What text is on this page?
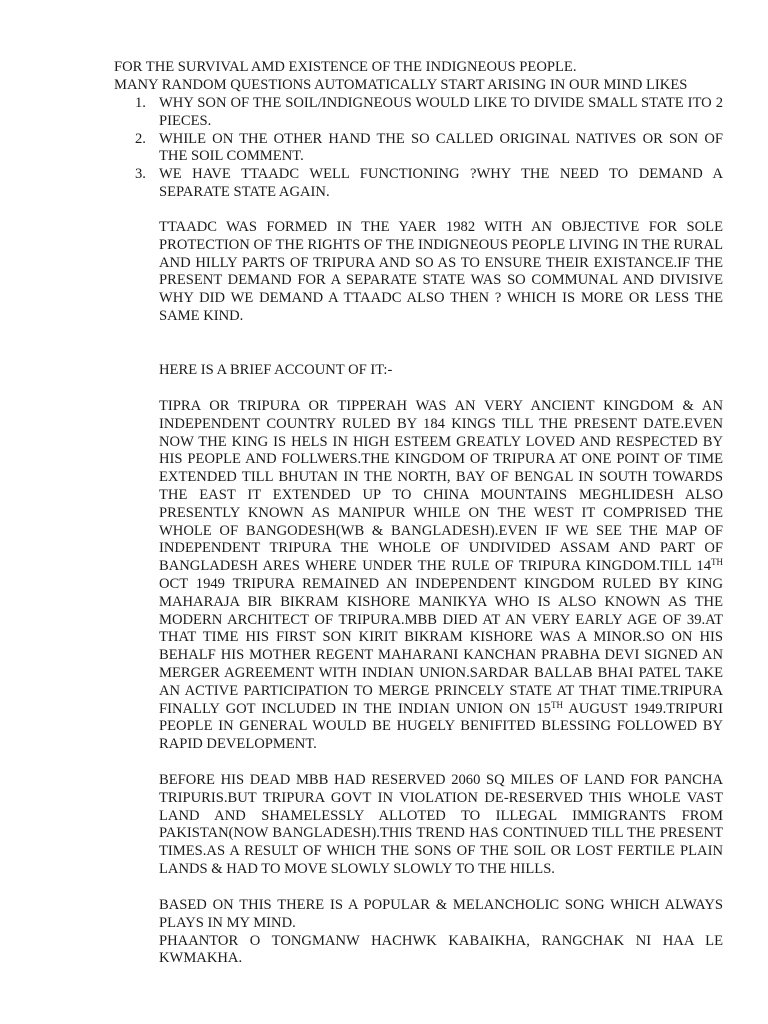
FOR THE SURVIVAL AMD EXISTENCE OF THE INDIGNEOUS PEOPLE.

MANY RANDOM QUESTIONS AUTOMATICALLY START ARISING IN OUR MIND LIKES

1. WHY SON OF THE SOIL/INDIGNEOUS WOULD LIKE TO DIVIDE SMALL STATE ITO 2 PIECES.
2. WHILE ON THE OTHER HAND THE SO CALLED ORIGINAL NATIVES OR SON OF THE SOIL COMMENT.
3. WE HAVE TTAADC WELL FUNCTIONING ?WHY THE NEED TO DEMAND A SEPARATE STATE AGAIN.

TTAADC WAS FORMED IN THE YAER 1982 WITH AN OBJECTIVE FOR SOLE PROTECTION OF THE RIGHTS OF THE INDIGNEOUS PEOPLE LIVING IN THE RURAL AND HILLY PARTS OF TRIPURA AND SO AS TO ENSURE THEIR EXISTANCE.IF THE PRESENT DEMAND FOR A SEPARATE STATE WAS SO COMMUNAL AND DIVISIVE WHY DID WE DEMAND A TTAADC ALSO THEN ? WHICH IS MORE OR LESS THE SAME KIND.

HERE IS A BRIEF ACCOUNT OF IT:-

TIPRA OR TRIPURA OR TIPPERAH WAS AN VERY ANCIENT KINGDOM & AN INDEPENDENT COUNTRY RULED BY 184 KINGS TILL THE PRESENT DATE.EVEN NOW THE KING IS HELS IN HIGH ESTEEM GREATLY LOVED AND RESPECTED BY HIS PEOPLE AND FOLLWERS.THE KINGDOM OF TRIPURA AT ONE POINT OF TIME EXTENDED TILL BHUTAN IN THE NORTH, BAY OF BENGAL IN SOUTH TOWARDS THE EAST IT EXTENDED UP TO CHINA MOUNTAINS MEGHLIDESH ALSO PRESENTLY KNOWN AS MANIPUR WHILE ON THE WEST IT COMPRISED THE WHOLE OF BANGODESH(WB & BANGLADESH).EVEN IF WE SEE THE MAP OF INDEPENDENT TRIPURA THE WHOLE OF UNDIVIDED ASSAM AND PART OF BANGLADESH ARES WHERE UNDER THE RULE OF TRIPURA KINGDOM.TILL 14TH OCT 1949 TRIPURA REMAINED AN INDEPENDENT KINGDOM RULED BY KING MAHARAJA BIR BIKRAM KISHORE MANIKYA WHO IS ALSO KNOWN AS THE MODERN ARCHITECT OF TRIPURA.MBB DIED AT AN VERY EARLY AGE OF 39.AT THAT TIME HIS FIRST SON KIRIT BIKRAM KISHORE WAS A MINOR.SO ON HIS BEHALF HIS MOTHER REGENT MAHARANI KANCHAN PRABHA DEVI SIGNED AN MERGER AGREEMENT WITH INDIAN UNION.SARDAR BALLAB BHAI PATEL TAKE AN ACTIVE PARTICIPATION TO MERGE PRINCELY STATE AT THAT TIME.TRIPURA FINALLY GOT INCLUDED IN THE INDIAN UNION ON 15TH AUGUST 1949.TRIPURI PEOPLE IN GENERAL WOULD BE HUGELY BENIFITED BLESSING FOLLOWED BY RAPID DEVELOPMENT.

BEFORE HIS DEAD MBB HAD RESERVED 2060 SQ MILES OF LAND FOR PANCHA TRIPURIS.BUT TRIPURA GOVT IN VIOLATION DE-RESERVED THIS WHOLE VAST LAND AND SHAMELESSLY ALLOTED TO ILLEGAL IMMIGRANTS FROM PAKISTAN(NOW BANGLADESH).THIS TREND HAS CONTINUED TILL THE PRESENT TIMES.AS A RESULT OF WHICH THE SONS OF THE SOIL OR LOST FERTILE PLAIN LANDS & HAD TO MOVE SLOWLY SLOWLY TO THE HILLS.

BASED ON THIS THERE IS A POPULAR & MELANCHOLIC SONG WHICH ALWAYS PLAYS IN MY MIND.

PHAANTOR O TONGMANW HACHWK KABAIKHA, RANGCHAK NI HAA LE KWMAKHA.
